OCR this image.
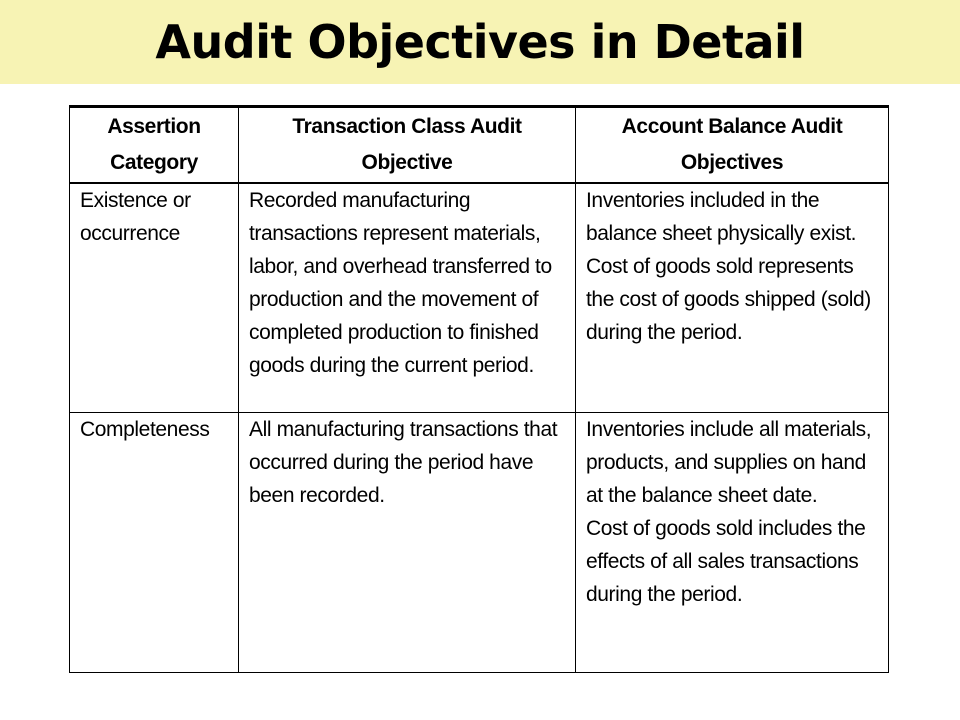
Audit Objectives in Detail
Assertion Category	Transaction Class Audit Objective	Account Balance Audit Objectives
Existence or occurrence	Recorded manufacturing transactions represent materials, labor, and overhead transferred to production and the movement of completed production to finished goods during the current period.	Inventories included in the balance sheet physically exist.
Cost of goods sold represents the cost of goods shipped (sold) during the period.

Completeness	All manufacturing transactions that occurred during the period have been recorded.	Inventories include all materials, products, and supplies on hand at the balance sheet date.
Cost of goods sold includes the effects of all sales transactions during the period.
